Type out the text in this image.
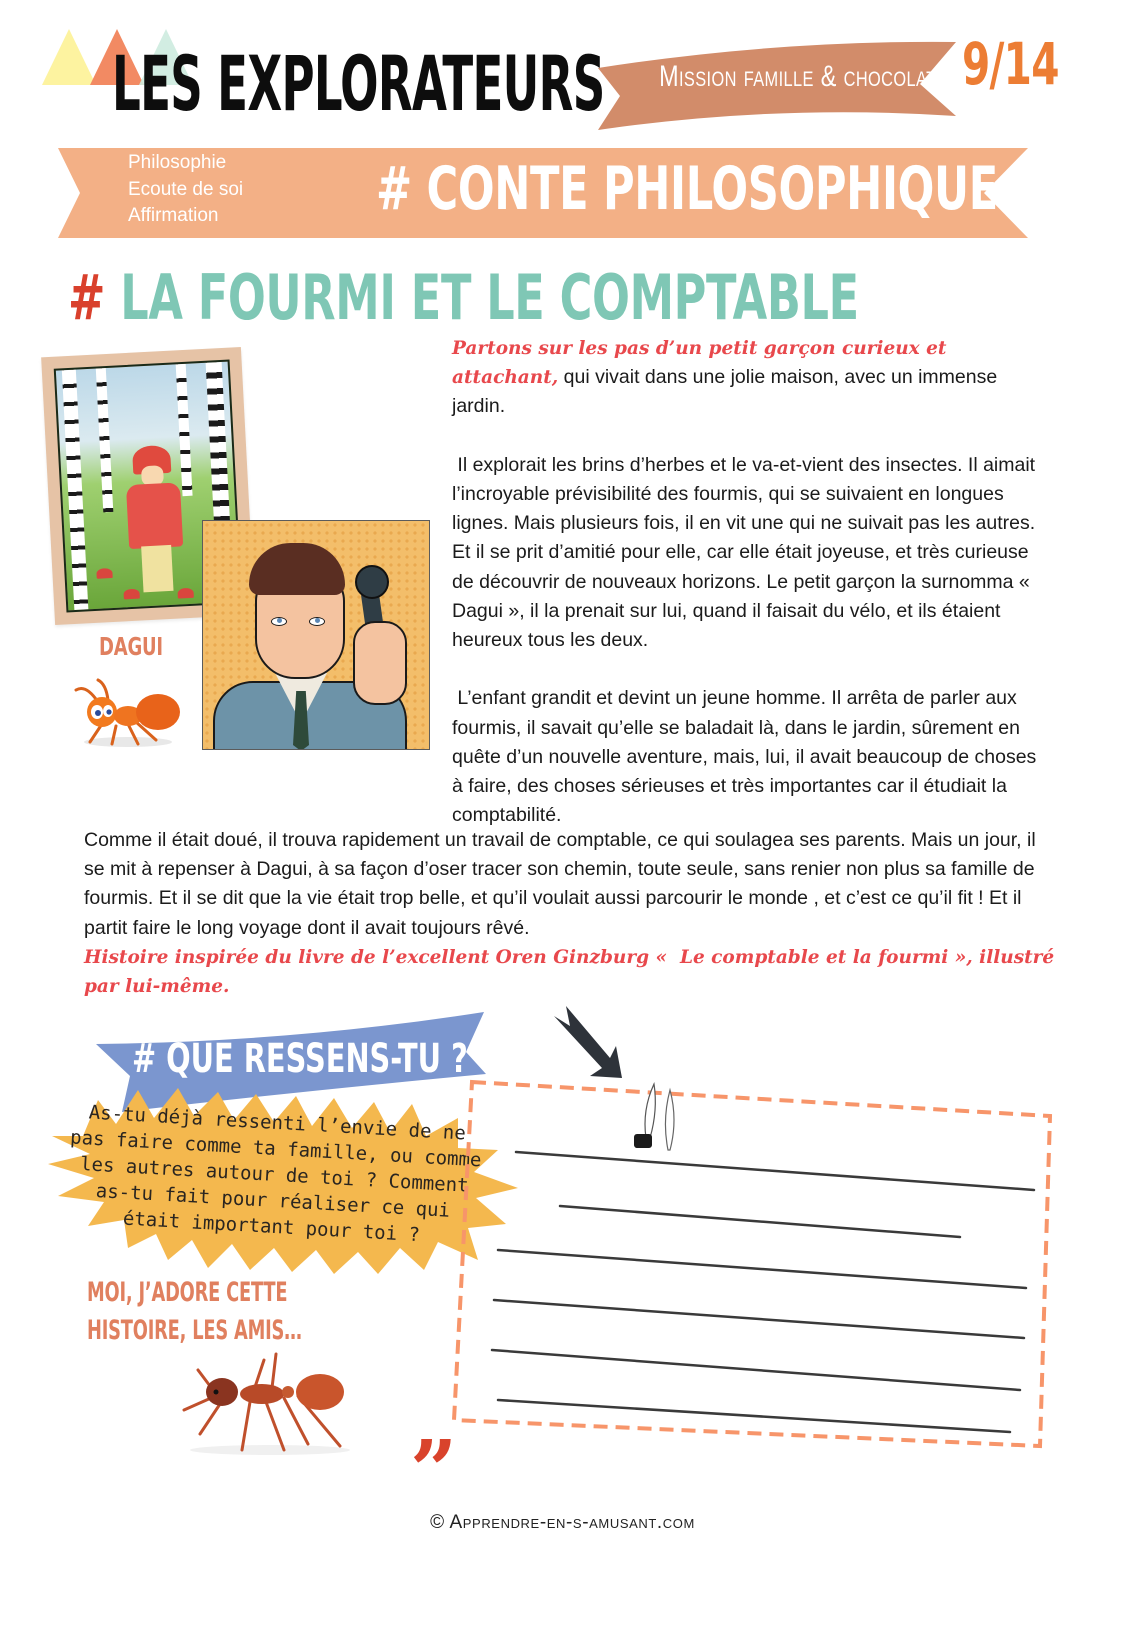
LES EXPLORATEURS Mission famille & chocolat 9/14
Philosophie
Ecoute de soi
Affirmation	# CONTE PHILOSOPHIQUE
# LA FOURMI ET LE COMPTABLE
DAGUI

Partons sur les pas d’un petit garçon curieux et attachant, qui vivait dans une jolie maison, avec un immense jardin.

Il explorait les brins d’herbes et le va-et-vient des insectes. Il aimait l’incroyable prévisibilité des fourmis, qui se suivaient en longues lignes. Mais plusieurs fois, il en vit une qui ne suivait pas les autres.
Et il se prit d’amitié pour elle, car elle était joyeuse, et très curieuse de découvrir de nouveaux horizons. Le petit garçon la surnomma « Dagui », il la prenait sur lui, quand il faisait du vélo, et ils étaient heureux tous les deux.

L’enfant grandit et devint un jeune homme. Il arrêta de parler aux fourmis, il savait qu’elle se baladait là, dans le jardin, sûrement en quête d’un nouvelle aventure, mais, lui, il avait beaucoup de choses à faire, des choses sérieuses et très importantes car il étudiait la comptabilité.

Comme il était doué, il trouva rapidement un travail de comptable, ce qui soulagea ses parents. Mais un jour, il se mit à repenser à Dagui, à sa façon d’oser tracer son chemin, toute seule, sans renier non plus sa famille de fourmis. Et il se dit que la vie était trop belle, et qu’il voulait aussi parcourir le monde , et c’est ce qu’il fit ! Et il partit faire le long voyage dont il avait toujours rêvé.

Histoire inspirée du livre de l’excellent Oren Ginzburg «  Le comptable et la fourmi », illustré par lui-même.

# QUE RESSENS-TU ?
As-tu déjà ressenti l’envie de ne pas faire comme ta famille, ou comme les autres autour de toi ? Comment as-tu fait pour réaliser ce qui était important pour toi ?
MOI, J’ADORE CETTE
HISTOIRE, LES AMIS…
”
© Apprendre-en-s-amusant.com
